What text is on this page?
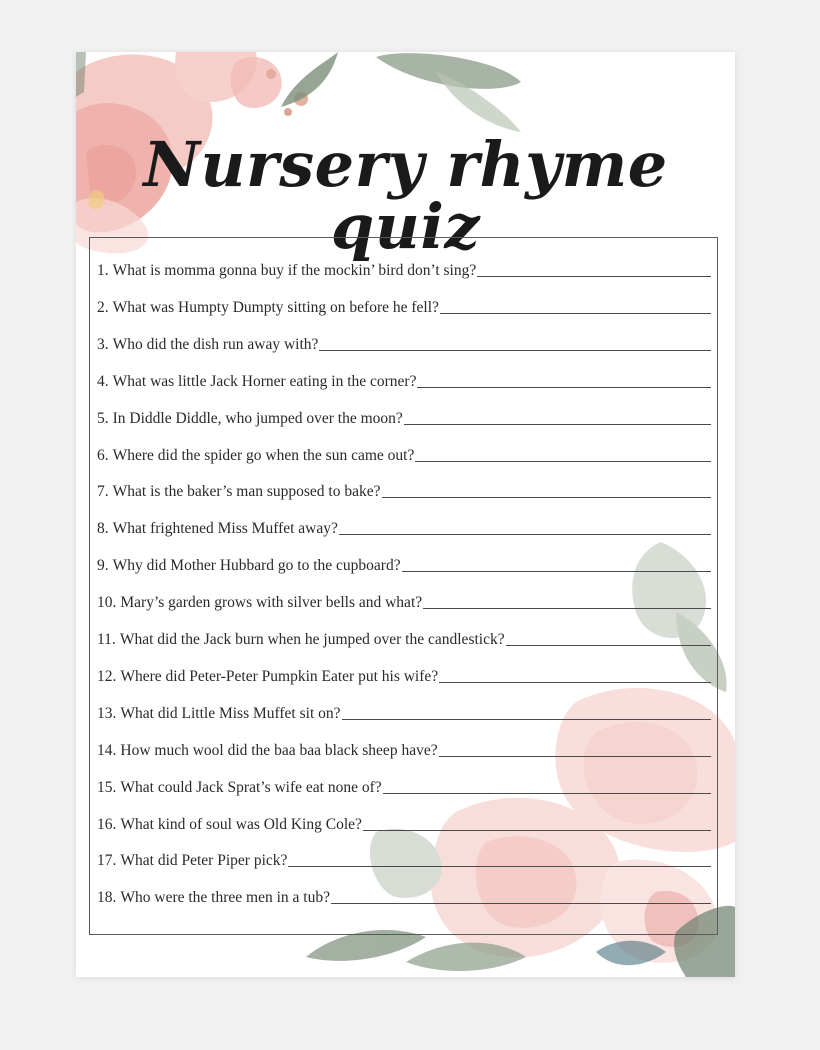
Nursery rhyme quiz
1. What is momma gonna buy if the mockin’ bird don’t sing?
2. What was Humpty Dumpty sitting on before he fell?
3. Who did the dish run away with?
4. What was little Jack Horner eating in the corner?
5. In Diddle Diddle, who jumped over the moon?
6. Where did the spider go when the sun came out?
7. What is the baker’s man supposed to bake?
8. What frightened Miss Muffet away?
9. Why did Mother Hubbard go to the cupboard?
10. Mary’s garden grows with silver bells and what?
11. What did the Jack burn when he jumped over the candlestick?
12. Where did Peter-Peter Pumpkin Eater put his wife?
13. What did Little Miss Muffet sit on?
14. How much wool did the baa baa black sheep have?
15. What could Jack Sprat’s wife eat none of?
16. What kind of soul was Old King Cole?
17. What did Peter Piper pick?
18. Who were the three men in a tub?
